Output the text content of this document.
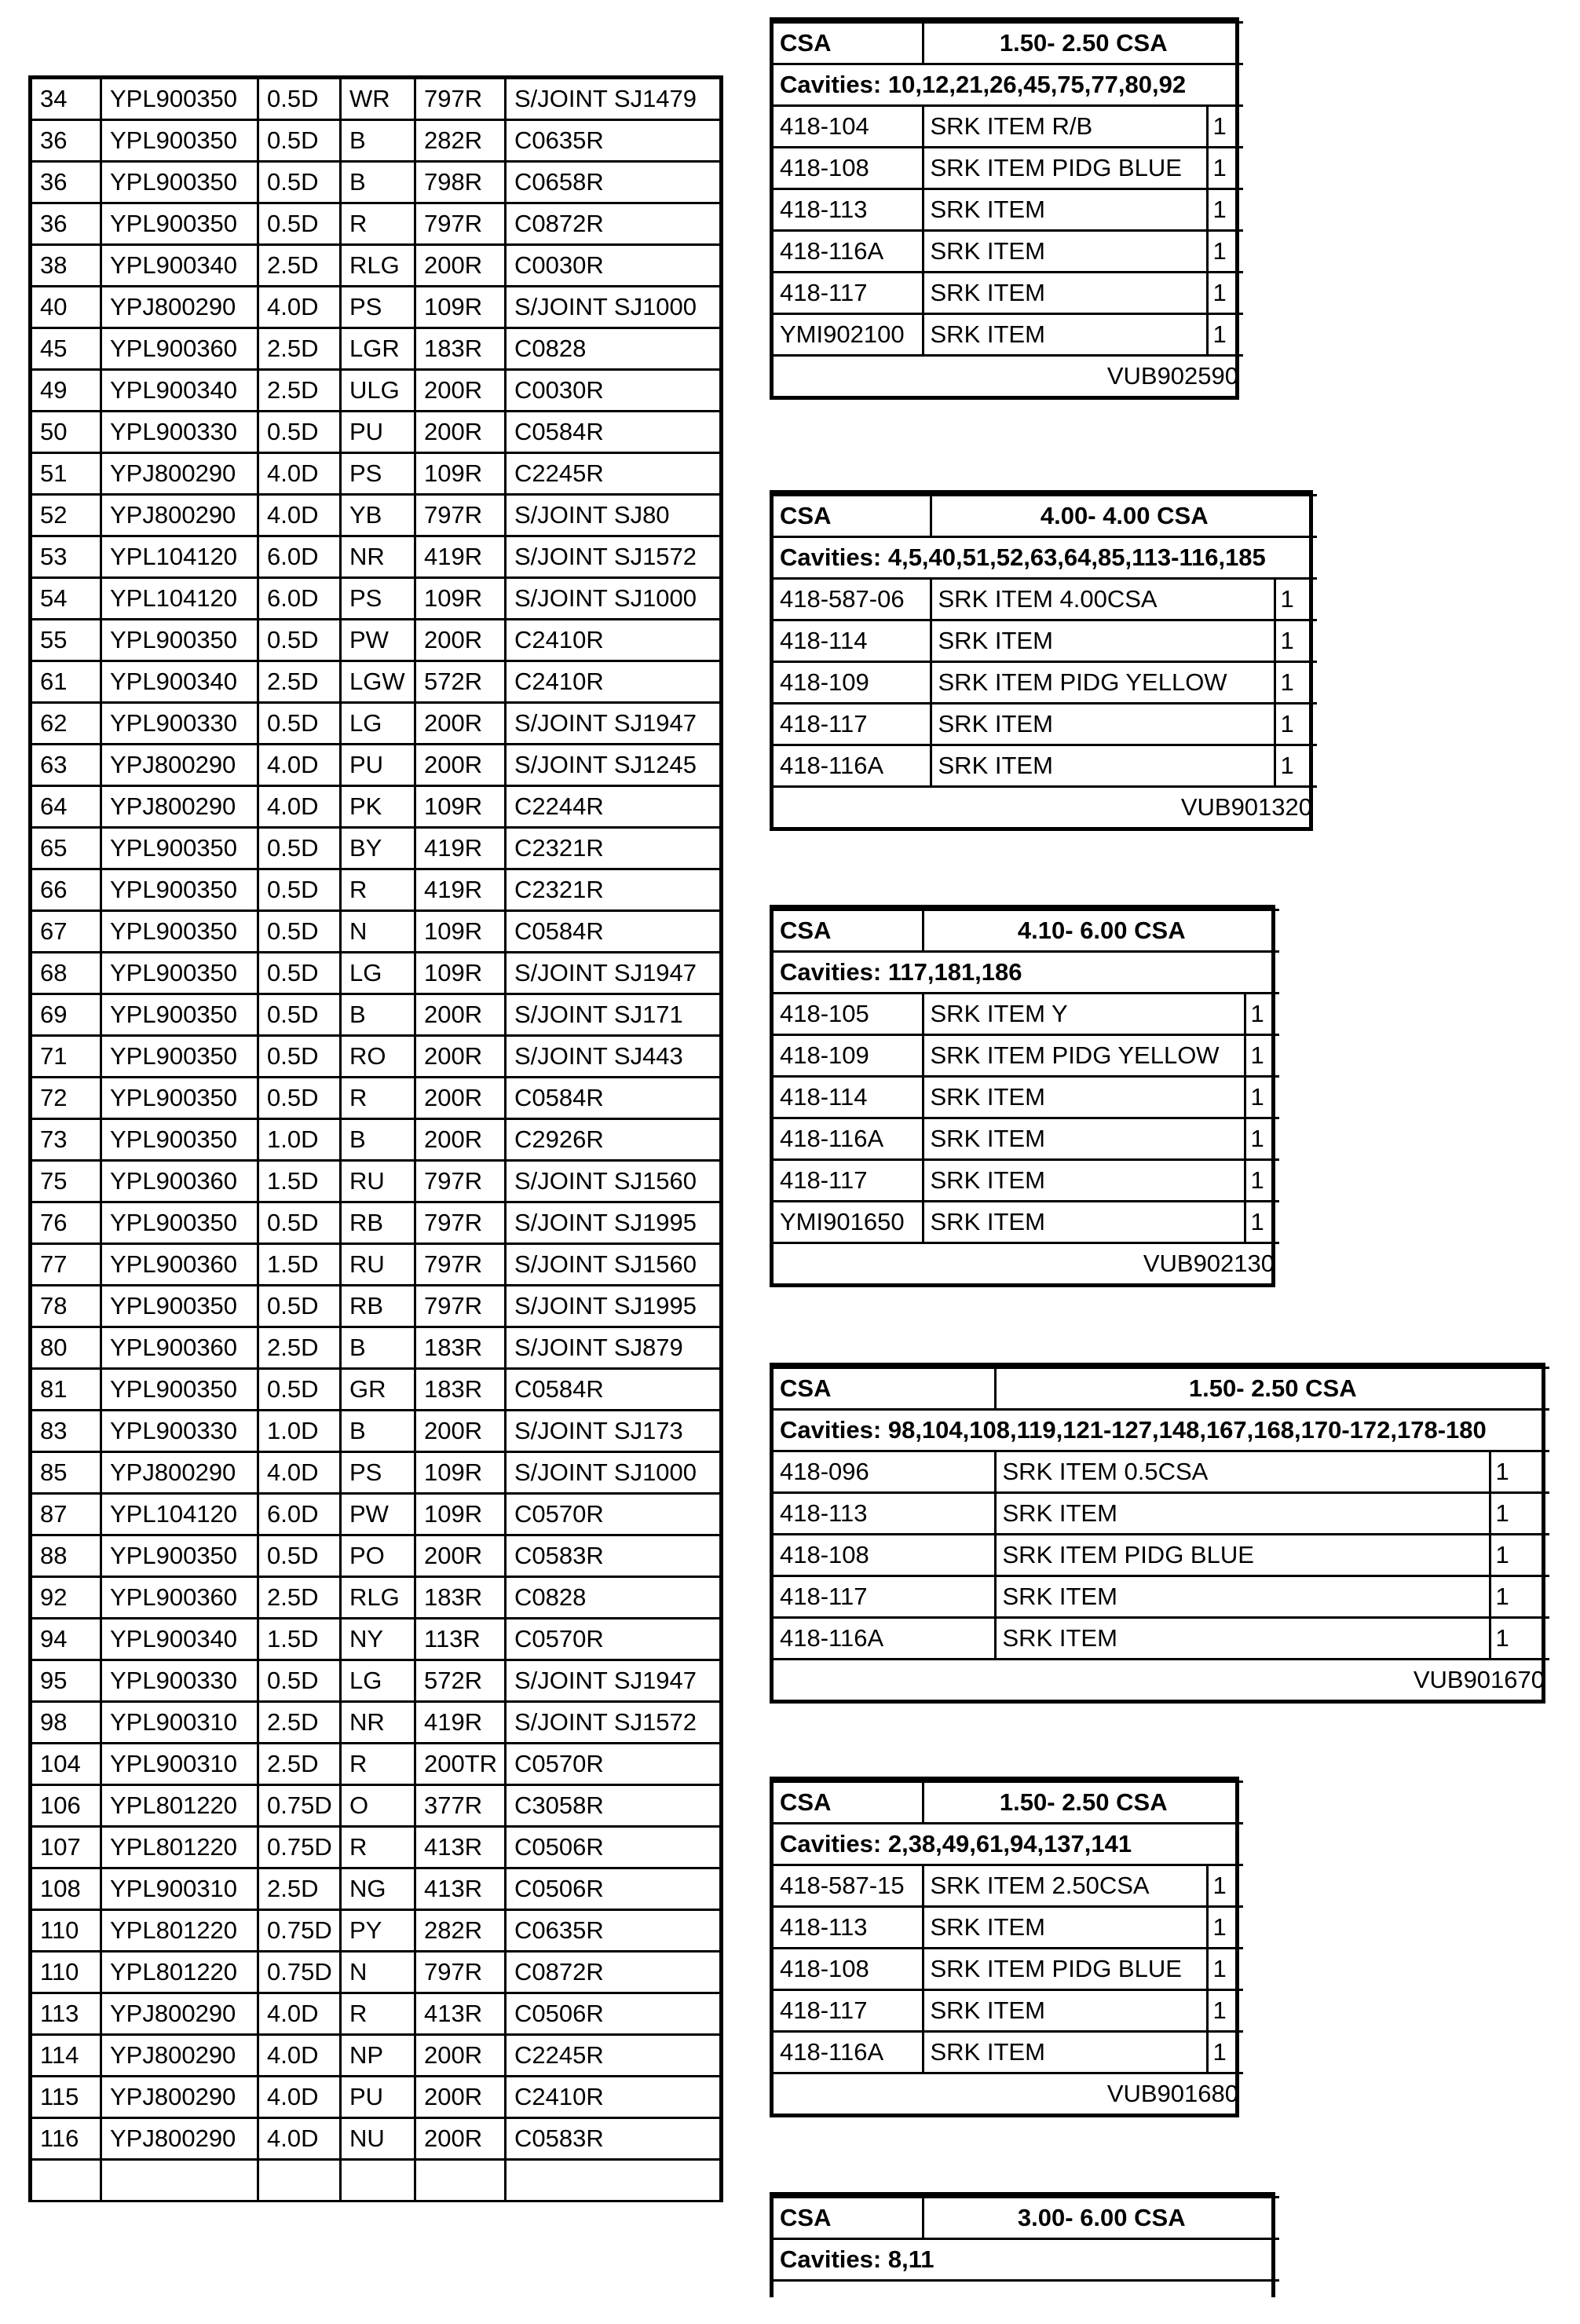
34	YPL900350	0.5D	WR	797R	S/JOINT SJ1479
36	YPL900350	0.5D	B	282R	C0635R
36	YPL900350	0.5D	B	798R	C0658R
36	YPL900350	0.5D	R	797R	C0872R
38	YPL900340	2.5D	RLG	200R	C0030R
40	YPJ800290	4.0D	PS	109R	S/JOINT SJ1000
45	YPL900360	2.5D	LGR	183R	C0828
49	YPL900340	2.5D	ULG	200R	C0030R
50	YPL900330	0.5D	PU	200R	C0584R
51	YPJ800290	4.0D	PS	109R	C2245R
52	YPJ800290	4.0D	YB	797R	S/JOINT SJ80
53	YPL104120	6.0D	NR	419R	S/JOINT SJ1572
54	YPL104120	6.0D	PS	109R	S/JOINT SJ1000
55	YPL900350	0.5D	PW	200R	C2410R
61	YPL900340	2.5D	LGW	572R	C2410R
62	YPL900330	0.5D	LG	200R	S/JOINT SJ1947
63	YPJ800290	4.0D	PU	200R	S/JOINT SJ1245
64	YPJ800290	4.0D	PK	109R	C2244R
65	YPL900350	0.5D	BY	419R	C2321R
66	YPL900350	0.5D	R	419R	C2321R
67	YPL900350	0.5D	N	109R	C0584R
68	YPL900350	0.5D	LG	109R	S/JOINT SJ1947
69	YPL900350	0.5D	B	200R	S/JOINT SJ171
71	YPL900350	0.5D	RO	200R	S/JOINT SJ443
72	YPL900350	0.5D	R	200R	C0584R
73	YPL900350	1.0D	B	200R	C2926R
75	YPL900360	1.5D	RU	797R	S/JOINT SJ1560
76	YPL900350	0.5D	RB	797R	S/JOINT SJ1995
77	YPL900360	1.5D	RU	797R	S/JOINT SJ1560
78	YPL900350	0.5D	RB	797R	S/JOINT SJ1995
80	YPL900360	2.5D	B	183R	S/JOINT SJ879
81	YPL900350	0.5D	GR	183R	C0584R
83	YPL900330	1.0D	B	200R	S/JOINT SJ173
85	YPJ800290	4.0D	PS	109R	S/JOINT SJ1000
87	YPL104120	6.0D	PW	109R	C0570R
88	YPL900350	0.5D	PO	200R	C0583R
92	YPL900360	2.5D	RLG	183R	C0828
94	YPL900340	1.5D	NY	113R	C0570R
95	YPL900330	0.5D	LG	572R	S/JOINT SJ1947
98	YPL900310	2.5D	NR	419R	S/JOINT SJ1572
104	YPL900310	2.5D	R	200TR	C0570R
106	YPL801220	0.75D	O	377R	C3058R
107	YPL801220	0.75D	R	413R	C0506R
108	YPL900310	2.5D	NG	413R	C0506R
110	YPL801220	0.75D	PY	282R	C0635R
110	YPL801220	0.75D	N	797R	C0872R
113	YPJ800290	4.0D	R	413R	C0506R
114	YPJ800290	4.0D	NP	200R	C2245R
115	YPJ800290	4.0D	PU	200R	C2410R
116	YPJ800290	4.0D	NU	200R	C0583R

CSA	1.50- 2.50 CSA	
Cavities: 10,12,21,26,45,75,77,80,92		
418-104	SRK ITEM R/B	1
418-108	SRK ITEM PIDG BLUE	1
418-113	SRK ITEM	1
418-116A	SRK ITEM	1
418-117	SRK ITEM	1
YMI902100	SRK ITEM	1
VUB902590		
CSA	4.00- 4.00 CSA	
Cavities: 4,5,40,51,52,63,64,85,113-116,185		
418-587-06	SRK ITEM 4.00CSA	1
418-114	SRK ITEM	1
418-109	SRK ITEM PIDG YELLOW	1
418-117	SRK ITEM	1
418-116A	SRK ITEM	1
VUB901320		
CSA	4.10- 6.00 CSA	
Cavities: 117,181,186		
418-105	SRK ITEM Y	1
418-109	SRK ITEM PIDG YELLOW	1
418-114	SRK ITEM	1
418-116A	SRK ITEM	1
418-117	SRK ITEM	1
YMI901650	SRK ITEM	1
VUB902130		
CSA	1.50- 2.50 CSA	
Cavities: 98,104,108,119,121-127,148,167,168,170-172,178-180		
418-096	SRK ITEM 0.5CSA	1
418-113	SRK ITEM	1
418-108	SRK ITEM PIDG BLUE	1
418-117	SRK ITEM	1
418-116A	SRK ITEM	1
VUB901670		
CSA	1.50- 2.50 CSA	
Cavities: 2,38,49,61,94,137,141		
418-587-15	SRK ITEM 2.50CSA	1
418-113	SRK ITEM	1
418-108	SRK ITEM PIDG BLUE	1
418-117	SRK ITEM	1
418-116A	SRK ITEM	1
VUB901680		
CSA	3.00- 6.00 CSA
Cavities: 8,11
